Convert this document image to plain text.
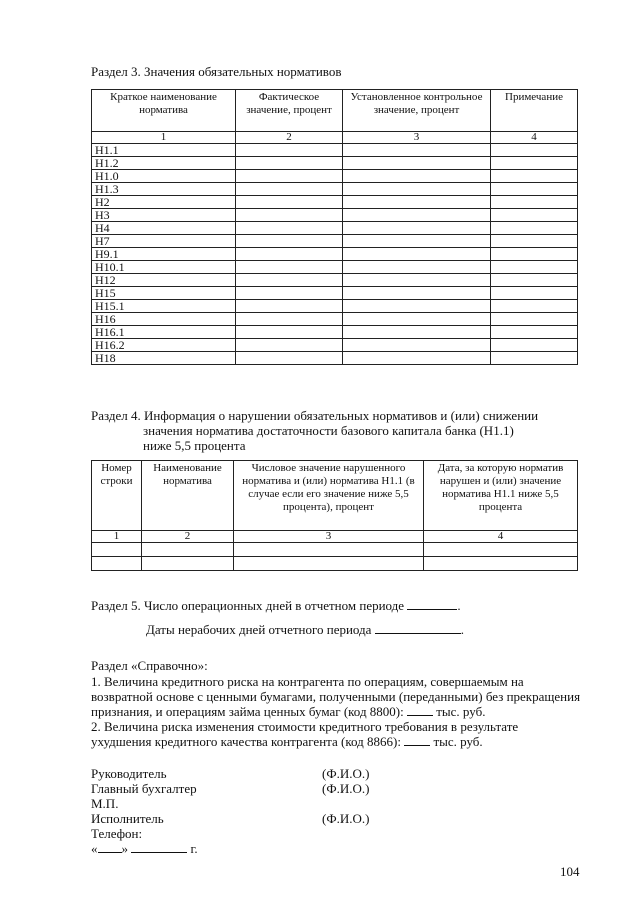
Раздел 3. Значения обязательных нормативов
Краткое наименование норматива	Фактическое значение, процент	Установленное контрольное значение, процент	Примечание
1	2	3	4
Н1.1			
Н1.2			
Н1.0			
Н1.3			
Н2			
Н3			
Н4			
Н7			
Н9.1			
Н10.1			
Н12			
Н15			
Н15.1			
Н16			
Н16.1			
Н16.2			
Н18			
Раздел 4. Информация о нарушении обязательных нормативов и (или) снижении
значения норматива достаточности базового капитала банка (Н1.1)
ниже 5,5 процента
Номер строки	Наименование норматива	Числовое значение нарушенного норматива и (или) норматива Н1.1 (в случае если его значение ниже 5,5 процента), процент	Дата, за которую норматив нарушен и (или) значение норматива Н1.1 ниже 5,5 процента
1	2	3	4

Раздел 5. Число операционных дней в отчетном периоде	.
Даты нерабочих дней отчетного периода	.
Раздел «Справочно»:
1. Величина кредитного риска на контрагента по операциям, совершаемым на
возвратной основе с ценными бумагами, полученными (переданными) без прекращения
признания, и операциям займа ценных бумаг (код 8800):	тыс. руб.
2. Величина риска изменения стоимости кредитного требования в результате
ухудшения кредитного качества контрагента (код 8866):	тыс. руб.
Руководитель	(Ф.И.О.)
Главный бухгалтер	(Ф.И.О.)
М.П.
Исполнитель	(Ф.И.О.)
Телефон:
« »	г.
104
